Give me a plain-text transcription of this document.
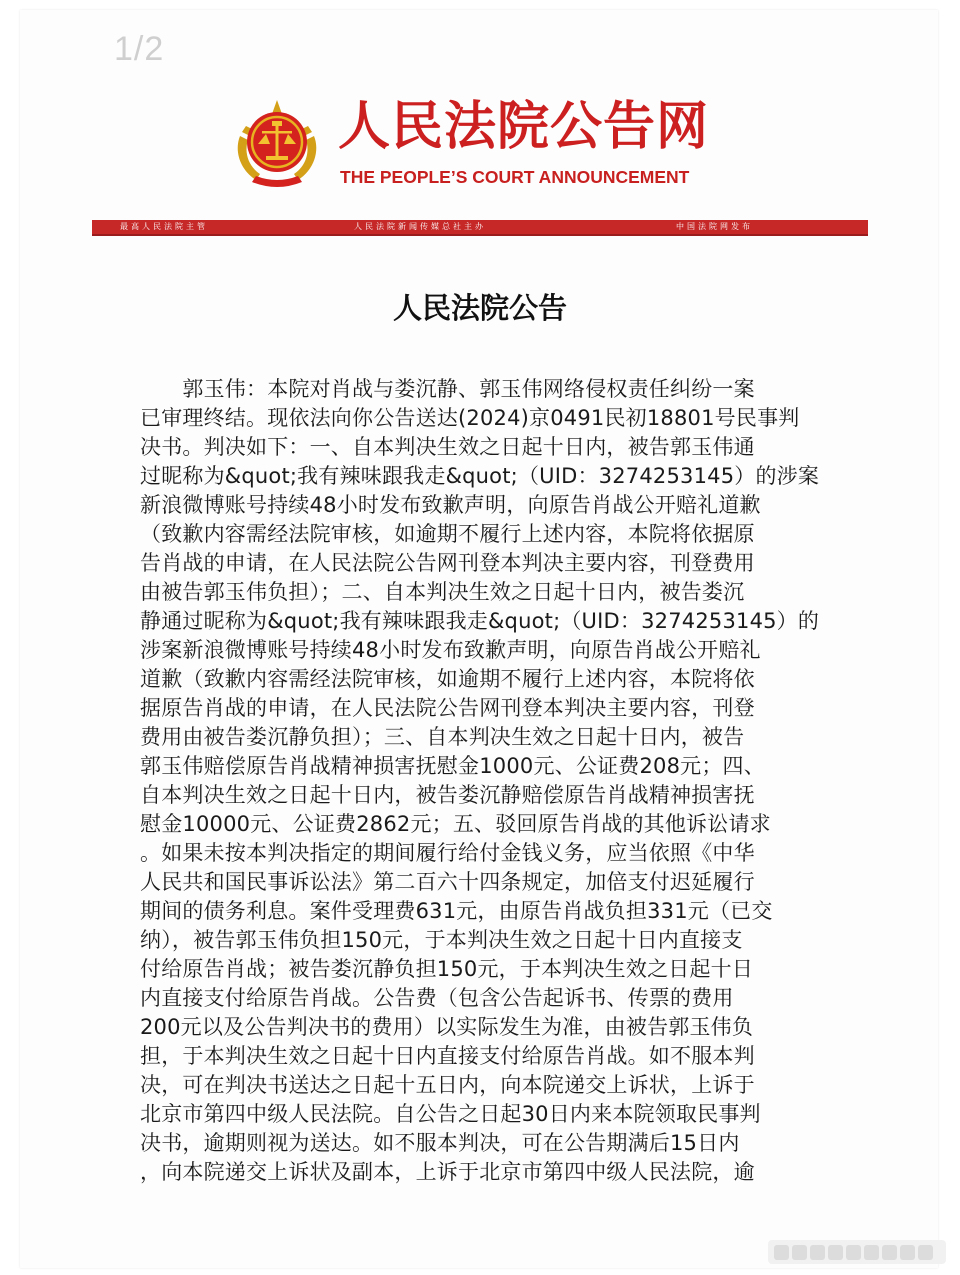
1/2
人民法院公告网
THE PEOPLE’S COURT ANNOUNCEMENT
最高人民法院主管	人民法院新闻传媒总社主办	中国法院网发布
人民法院公告
　　郭玉伟：本院对肖战与娄沉静、郭玉伟网络侵权责任纠纷一案
已审理终结。现依法向你公告送达(2024)京0491民初18801号民事判
决书。判决如下：一、自本判决生效之日起十日内，被告郭玉伟通
过昵称为&quot;我有辣味跟我走&quot;（UID：3274253145）的涉案
新浪微博账号持续48小时发布致歉声明，向原告肖战公开赔礼道歉
（致歉内容需经法院审核，如逾期不履行上述内容，本院将依据原
告肖战的申请，在人民法院公告网刊登本判决主要内容，刊登费用
由被告郭玉伟负担）；二、自本判决生效之日起十日内，被告娄沉
静通过昵称为&quot;我有辣味跟我走&quot;（UID：3274253145）的
涉案新浪微博账号持续48小时发布致歉声明，向原告肖战公开赔礼
道歉（致歉内容需经法院审核，如逾期不履行上述内容，本院将依
据原告肖战的申请，在人民法院公告网刊登本判决主要内容，刊登
费用由被告娄沉静负担）；三、自本判决生效之日起十日内，被告
郭玉伟赔偿原告肖战精神损害抚慰金1000元、公证费208元；四、
自本判决生效之日起十日内，被告娄沉静赔偿原告肖战精神损害抚
慰金10000元、公证费2862元；五、驳回原告肖战的其他诉讼请求
。如果未按本判决指定的期间履行给付金钱义务，应当依照《中华
人民共和国民事诉讼法》第二百六十四条规定，加倍支付迟延履行
期间的债务利息。案件受理费631元，由原告肖战负担331元（已交
纳），被告郭玉伟负担150元，于本判决生效之日起十日内直接支
付给原告肖战；被告娄沉静负担150元，于本判决生效之日起十日
内直接支付给原告肖战。公告费（包含公告起诉书、传票的费用
200元以及公告判决书的费用）以实际发生为准，由被告郭玉伟负
担，于本判决生效之日起十日内直接支付给原告肖战。如不服本判
决，可在判决书送达之日起十五日内，向本院递交上诉状，上诉于
北京市第四中级人民法院。自公告之日起30日内来本院领取民事判
决书，逾期则视为送达。如不服本判决，可在公告期满后15日内
，向本院递交上诉状及副本，上诉于北京市第四中级人民法院，逾
